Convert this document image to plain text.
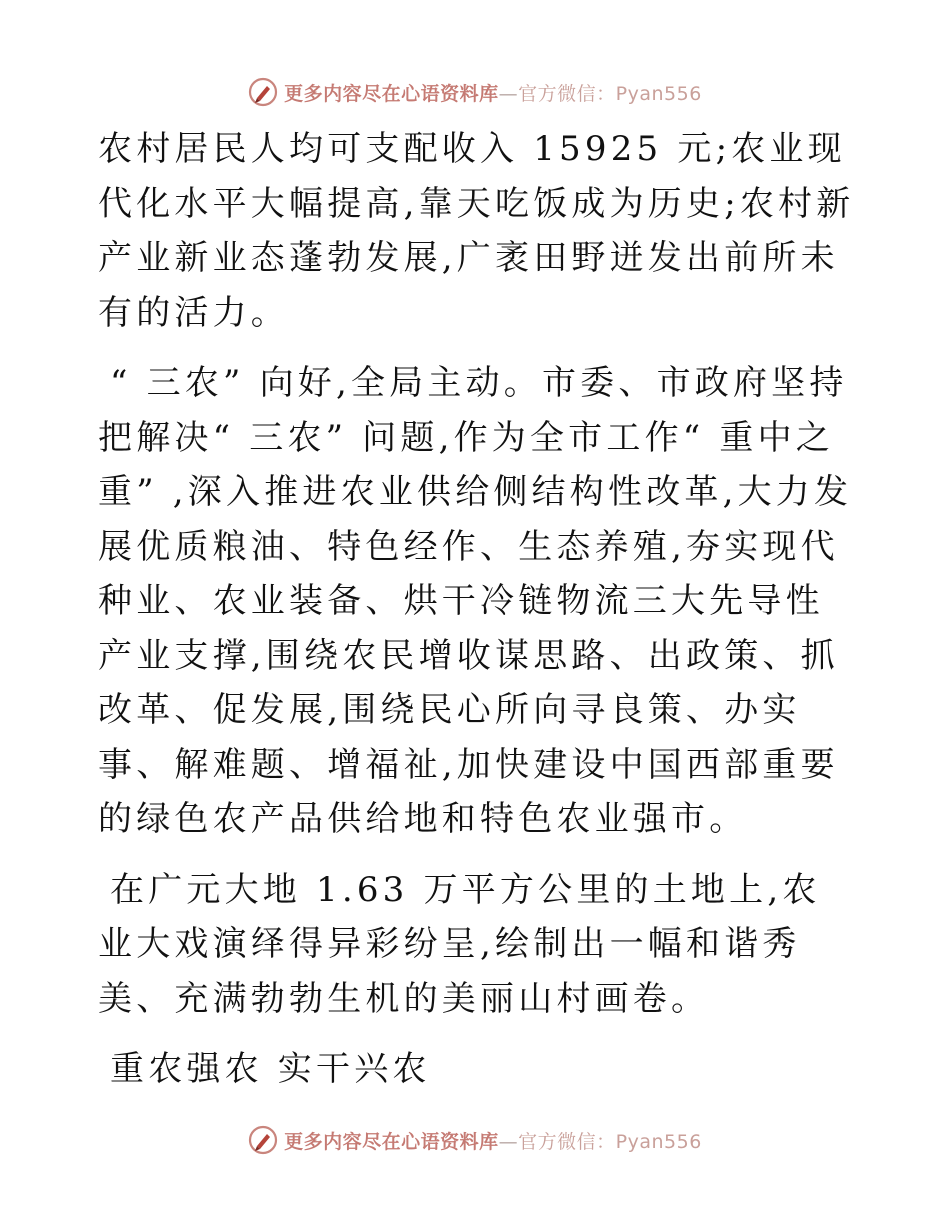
更多内容尽在心语资料库—官方微信：Pyan556

农村居民人均可支配收入 15925 元;农业现代化水平大幅提高,靠天吃饭成为历史;农村新产业新业态蓬勃发展,广袤田野迸发出前所未有的活力。

“ 三农” 向好,全局主动。市委、市政府坚持把解决“ 三农” 问题,作为全市工作“ 重中之重” ,深入推进农业供给侧结构性改革,大力发展优质粮油、特色经作、生态养殖,夯实现代种业、农业装备、烘干冷链物流三大先导性产业支撑,围绕农民增收谋思路、出政策、抓改革、促发展,围绕民心所向寻良策、办实事、解难题、增福祉,加快建设中国西部重要的绿色农产品供给地和特色农业强市。

在广元大地 1.63 万平方公里的土地上,农业大戏演绎得异彩纷呈,绘制出一幅和谐秀美、充满勃勃生机的美丽山村画卷。

重农强农 实干兴农

更多内容尽在心语资料库—官方微信：Pyan556
